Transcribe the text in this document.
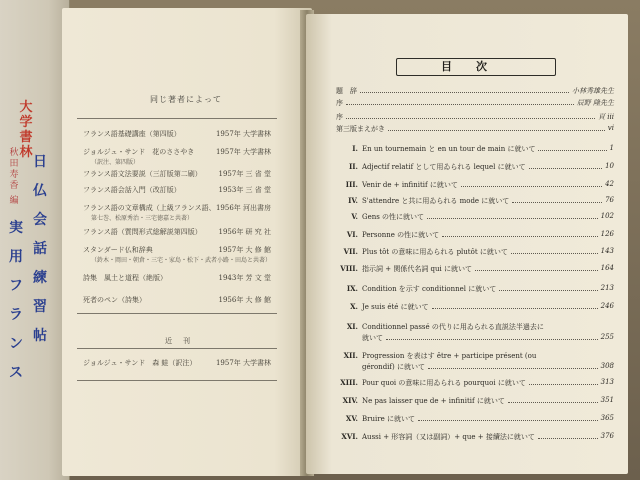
大学書林
秋田寿香
編
日仏会話練習帖
実用フランス
同じ著者によって
フランス語基礎講座（第四版）	1957年 大学書林
ジョルジュ・サンド　花のささやき
（訳注、第四版）
1957年 大学書林
フランス語文法要説（三訂版第二刷） 1957年 三 省 堂
フランス語会話入門（改訂版）	1953年 三 省 堂
フランス語の文章構成（上級フランス語、
第七巻、松原秀治・三宅徳嘉と共著）
1956年 河出書房
フランス語（質問形式総解説第四版） 1956年 研 究 社
スタンダード仏和辞典
（鈴木・岡田・朝倉・三宅・家島・松下・武者小路・田島と共著）
1957年 大 修 館
詩集　風土と道程（絶版）	1943年 芳 文 堂
死者のペン（詩集）	1956年 大 修 館
近　刊
ジョルジュ・サンド　森 蛙（訳注）	1957年 大学書林
目次
題　辞	小林秀雄先生
序	辰野 隆先生
序	頁 iii
第三版まえがき	vi
I. En un tournemain と en un tour de main に就いて	1
II. Adjectif relatif として用ゐられる lequel に就いて	10
III. Venir de + infinitif に就いて	42
IV. S'attendre と共に用ゐられる mode に就いて	76
V. Gens の性に就いて	102
VI. Personne の性に就いて	126
VII. Plus tôt の意味に用ゐられる plutôt に就いて	143
VIII. 指示詞 + 関係代名詞 qui に就いて	164
IX. Condition を示す conditionnel に就いて	213
X. Je suis été に就いて	246
XI. Conditionnel passé の代りに用ゐられる直説法半過去に
就いて	255
XII. Progression を表はす être + participe présent (ou
gérondif) に就いて	308
XIII. Pour quoi の意味に用ゐられる pourquoi に就いて	313
XIV. Ne pas laisser que de + infinitif に就いて	351
XV. Bruire に就いて	365
XVI. Aussi + 形容詞（又は副詞）+ que + 接續法に就いて	376
